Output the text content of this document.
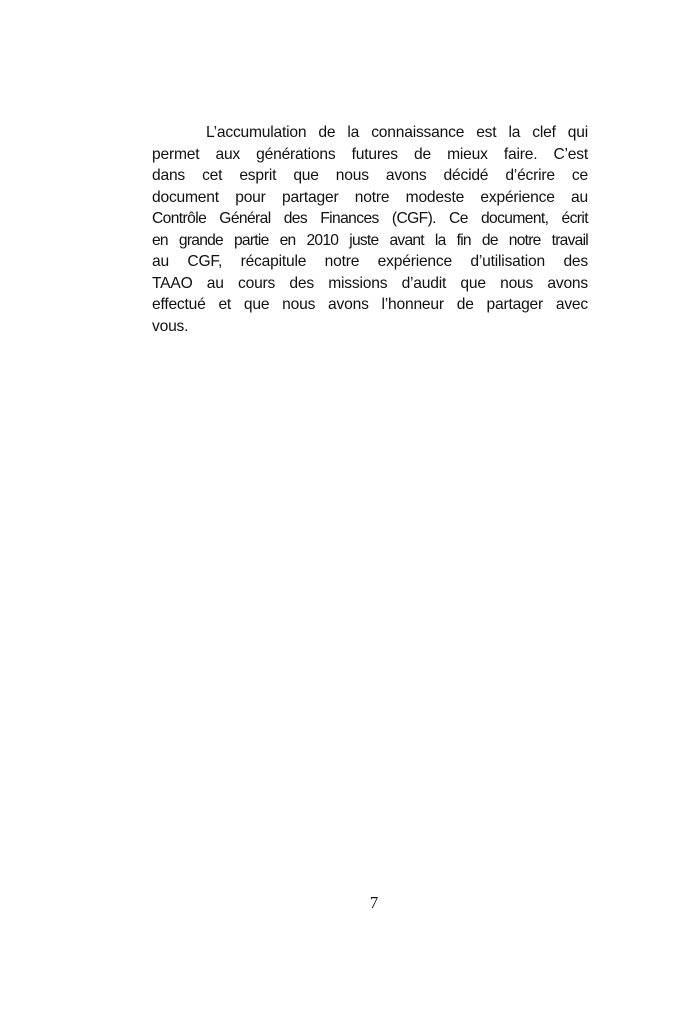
L’accumulation de la connaissance est la clef qui
permet aux générations futures de mieux faire. C’est
dans cet esprit que nous avons décidé d’écrire ce
document pour partager notre modeste expérience au
Contrôle Général des Finances (CGF). Ce document, écrit
en grande partie en 2010 juste avant la fin de notre travail
au CGF, récapitule notre expérience d’utilisation des
TAAO au cours des missions d’audit que nous avons
effectué et que nous avons l’honneur de partager avec
vous.
7
